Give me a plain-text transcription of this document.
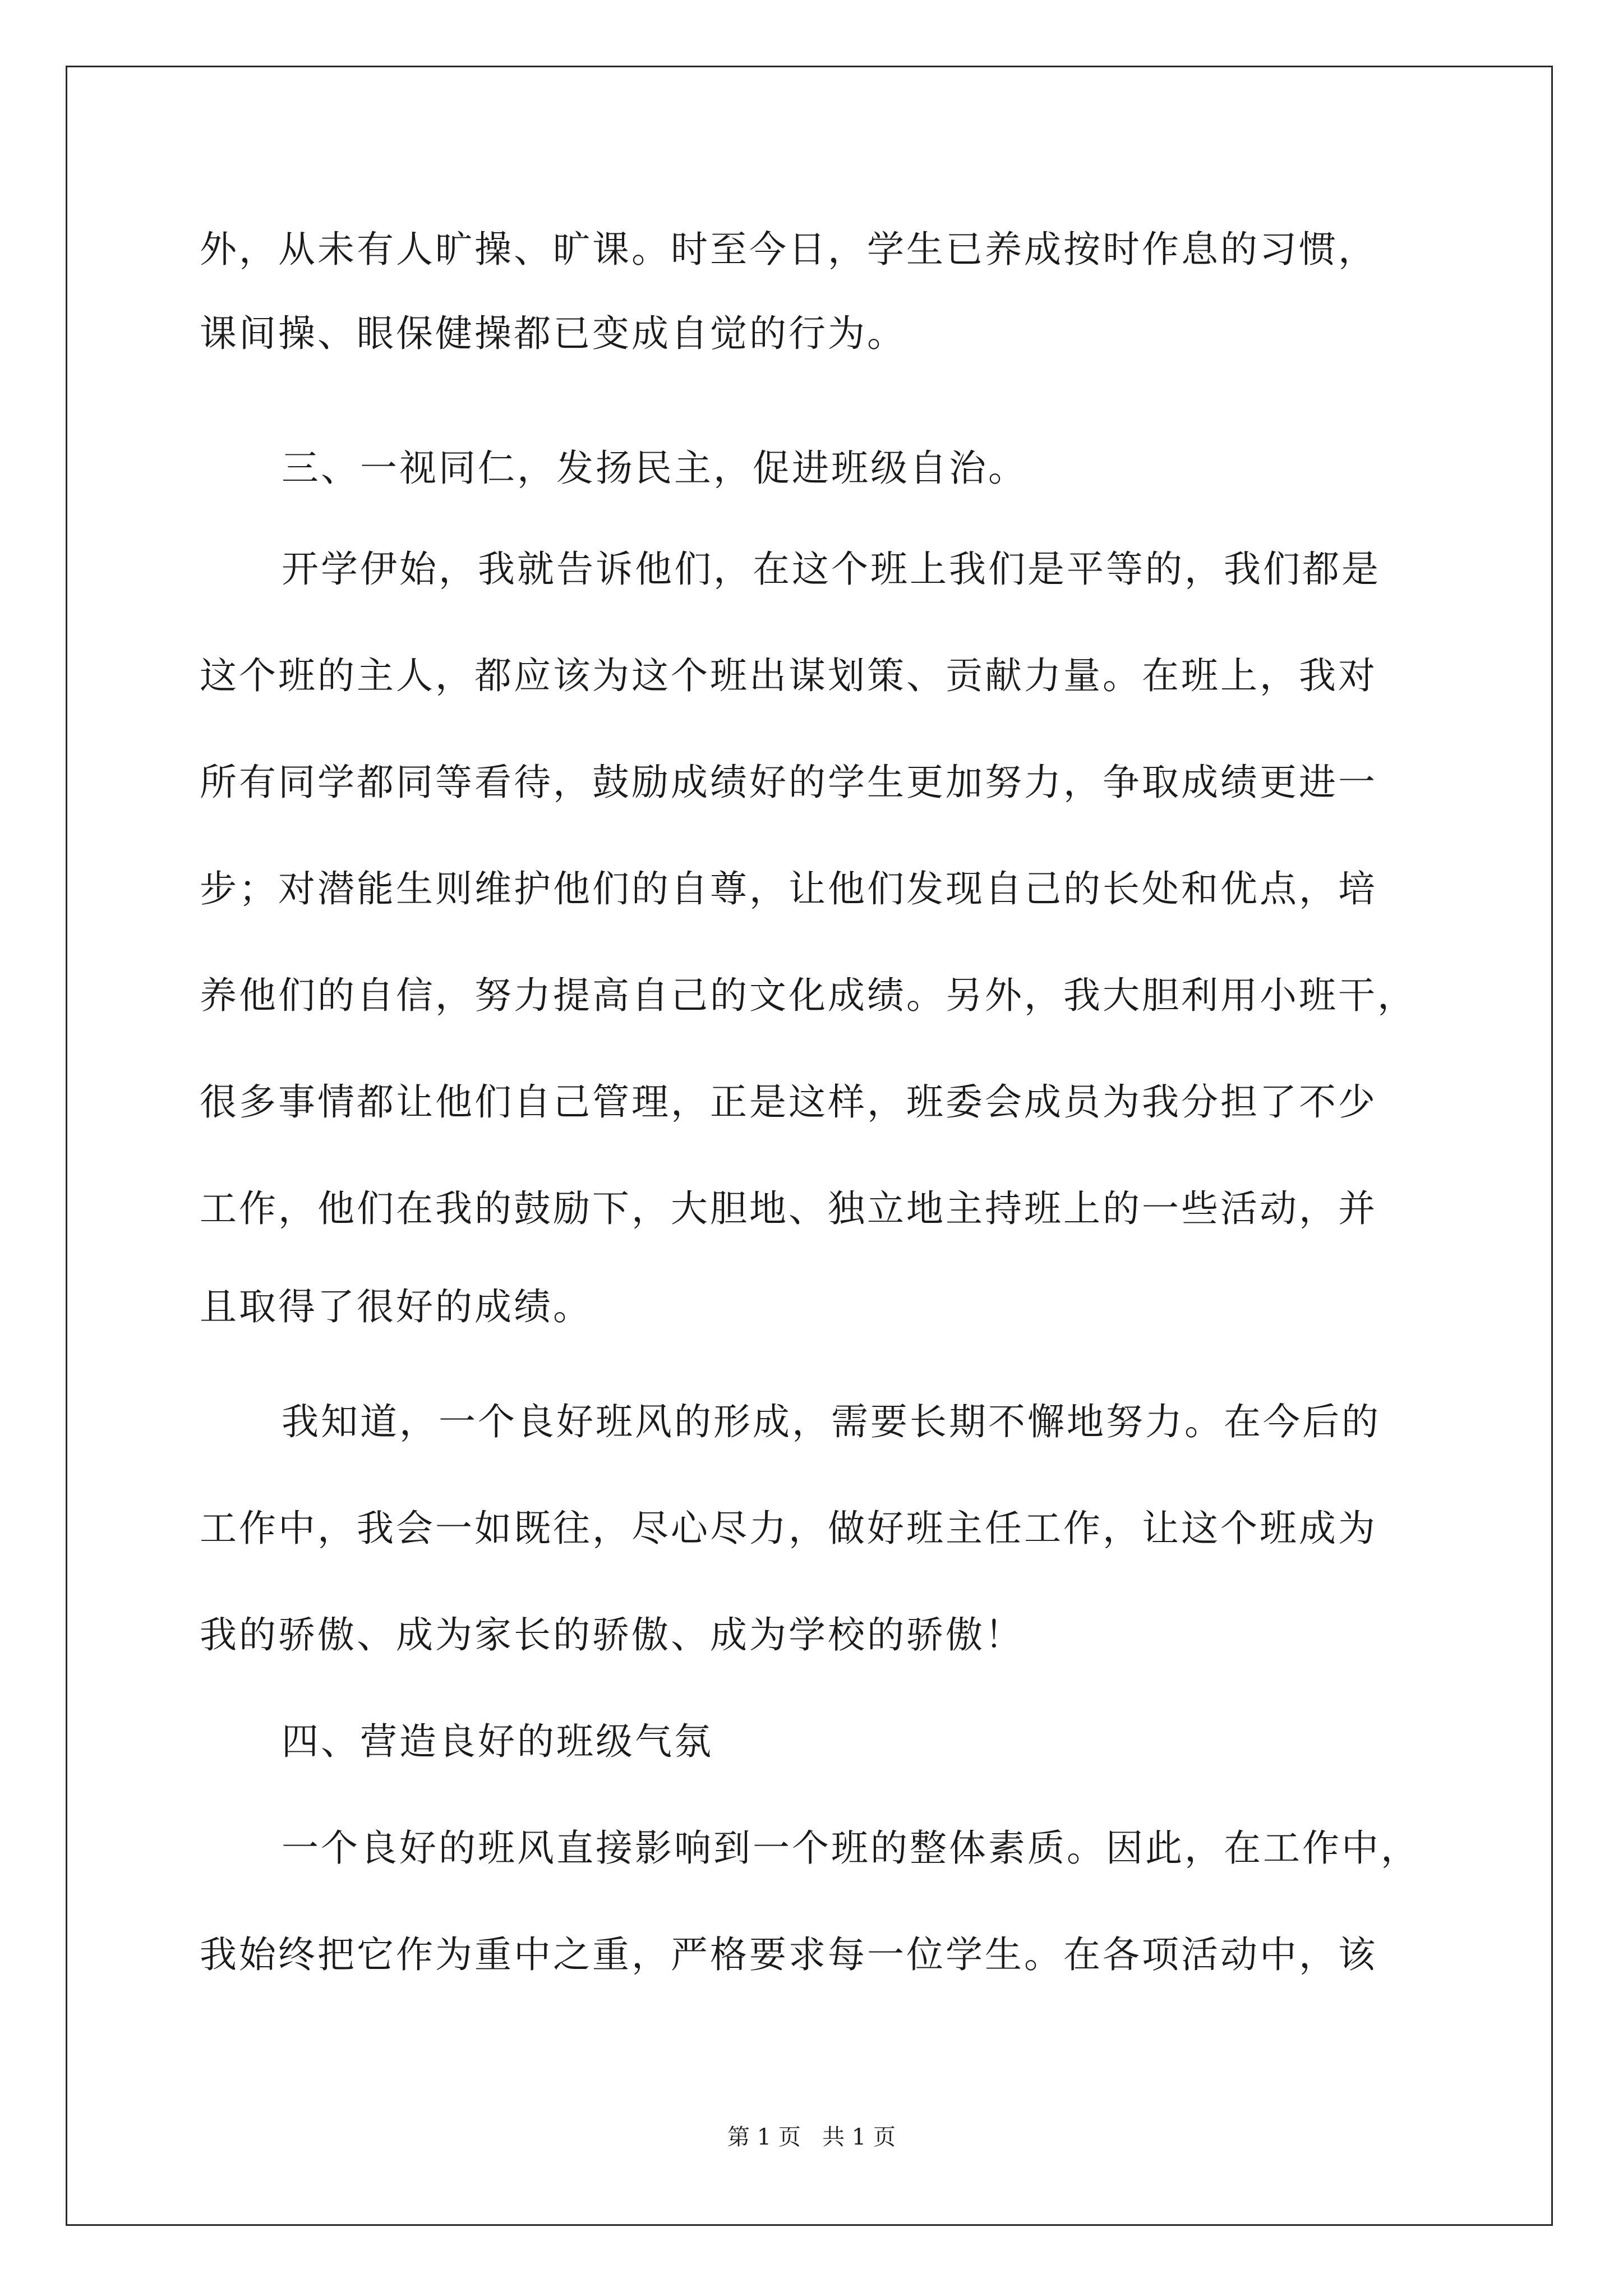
外，从未有人旷操、旷课。时至今日，学生已养成按时作息的习惯，
课间操、眼保健操都已变成自觉的行为。
三、一视同仁，发扬民主，促进班级自治。
开学伊始，我就告诉他们，在这个班上我们是平等的，我们都是
这个班的主人，都应该为这个班出谋划策、贡献力量。在班上，我对
所有同学都同等看待，鼓励成绩好的学生更加努力，争取成绩更进一
步；对潜能生则维护他们的自尊，让他们发现自己的长处和优点，培
养他们的自信，努力提高自己的文化成绩。另外，我大胆利用小班干，
很多事情都让他们自己管理，正是这样，班委会成员为我分担了不少
工作，他们在我的鼓励下，大胆地、独立地主持班上的一些活动，并
且取得了很好的成绩。
我知道，一个良好班风的形成，需要长期不懈地努力。在今后的
工作中，我会一如既往，尽心尽力，做好班主任工作，让这个班成为
我的骄傲、成为家长的骄傲、成为学校的骄傲！
四、营造良好的班级气氛
一个良好的班风直接影响到一个班的整体素质。因此，在工作中，
我始终把它作为重中之重，严格要求每一位学生。在各项活动中，该
第 1 页   共 1 页
